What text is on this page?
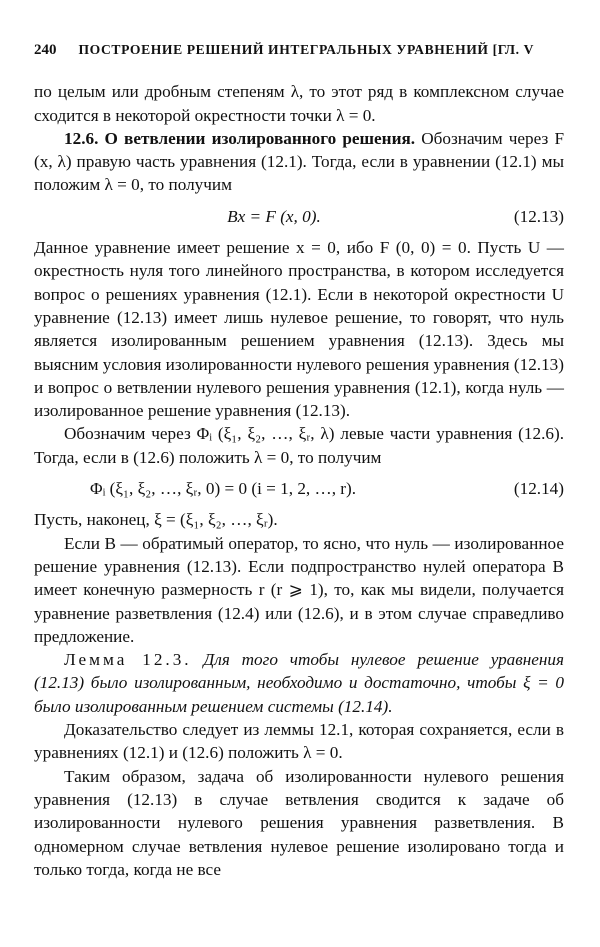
240 ПОСТРОЕНИЕ РЕШЕНИЙ ИНТЕГРАЛЬНЫХ УРАВНЕНИЙ [ГЛ. V

по целым или дробным степеням λ, то этот ряд в комплексном случае сходится в некоторой окрестности точки λ = 0.

12.6. О ветвлении изолированного решения. Обозначим через F (x, λ) правую часть уравнения (12.1). Тогда, если в уравнении (12.1) мы положим λ = 0, то получим

Bx = F (x, 0).	(12.13)

Данное уравнение имеет решение x = 0, ибо F (0, 0) = 0. Пусть U — окрестность нуля того линейного пространства, в котором исследуется вопрос о решениях уравнения (12.1). Если в некоторой окрестности U уравнение (12.13) имеет лишь нулевое решение, то говорят, что нуль является изолированным решением уравнения (12.13). Здесь мы выясним условия изолированности нулевого решения уравнения (12.13) и вопрос о ветвлении нулевого решения уравнения (12.1), когда нуль — изолированное решение уравнения (12.13).

Обозначим через Φᵢ (ξ₁, ξ₂, …, ξᵣ, λ) левые части уравнения (12.6). Тогда, если в (12.6) положить λ = 0, то получим

Φᵢ (ξ₁, ξ₂, …, ξᵣ, 0) = 0 (i = 1, 2, …, r).	(12.14)

Пусть, наконец, ξ = (ξ₁, ξ₂, …, ξᵣ).

Если B — обратимый оператор, то ясно, что нуль — изолированное решение уравнения (12.13). Если подпространство нулей оператора B имеет конечную размерность r (r ⩾ 1), то, как мы видели, получается уравнение разветвления (12.4) или (12.6), и в этом случае справедливо предложение.

Лемма 12.3. Для того чтобы нулевое решение уравнения (12.13) было изолированным, необходимо и достаточно, чтобы ξ = 0 было изолированным решением системы (12.14).

Доказательство следует из леммы 12.1, которая сохраняется, если в уравнениях (12.1) и (12.6) положить λ = 0.

Таким образом, задача об изолированности нулевого решения уравнения (12.13) в случае ветвления сводится к задаче об изолированности нулевого решения уравнения разветвления. В одномерном случае ветвления нулевое решение изолировано тогда и только тогда, когда не все
